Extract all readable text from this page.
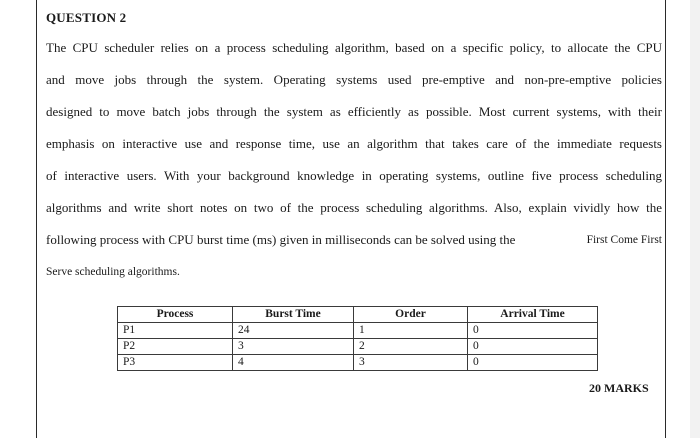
QUESTION 2
The CPU scheduler relies on a process scheduling algorithm, based on a specific policy, to allocate the CPU
and move jobs through the system. Operating systems used pre-emptive and non-pre-emptive policies
designed to move batch jobs through the system as efficiently as possible. Most current systems, with their
emphasis on interactive use and response time, use an algorithm that takes care of the immediate requests
of interactive users. With your background knowledge in operating systems, outline five process scheduling
algorithms and write short notes on two of the process scheduling algorithms. Also, explain vividly how the
following process with CPU burst time (ms) given in milliseconds can be solved using the	First Come First
Serve scheduling algorithms.
Process	Burst Time	Order	Arrival Time
P1	24	1	0
P2	3	2	0
P3	4	3	0
20 MARKS
